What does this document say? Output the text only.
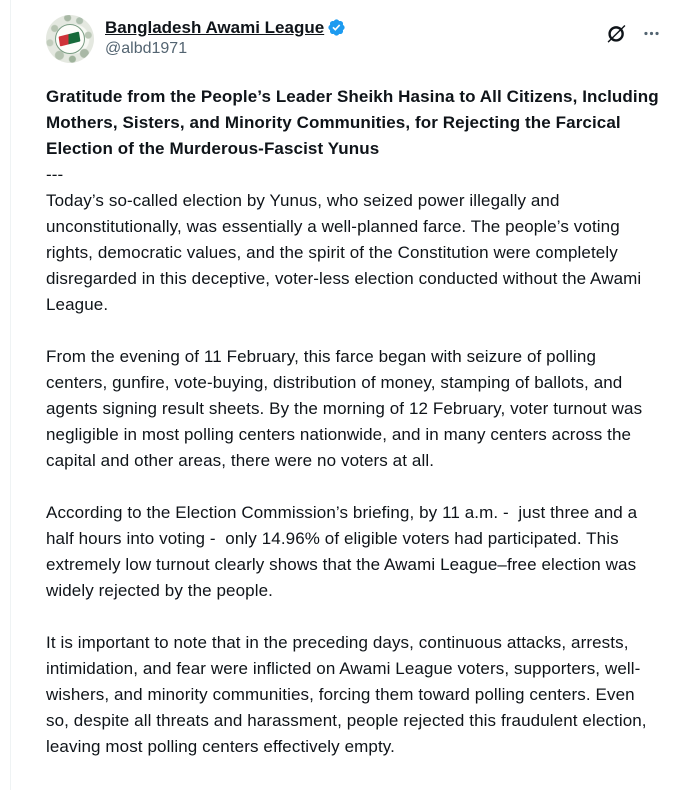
Bangladesh Awami League
@albd1971

Gratitude from the People’s Leader Sheikh Hasina to All Citizens, Including Mothers, Sisters, and Minority Communities, for Rejecting the Farcical Election of the Murderous-Fascist Yunus

---

Today’s so-called election by Yunus, who seized power illegally and unconstitutionally, was essentially a well-planned farce. The people’s voting rights, democratic values, and the spirit of the Constitution were completely disregarded in this deceptive, voter-less election conducted without the Awami League.

From the evening of 11 February, this farce began with seizure of polling centers, gunfire, vote-buying, distribution of money, stamping of ballots, and agents signing result sheets. By the morning of 12 February, voter turnout was negligible in most polling centers nationwide, and in many centers across the capital and other areas, there were no voters at all.

According to the Election Commission’s briefing, by 11 a.m. -  just three and a half hours into voting -  only 14.96% of eligible voters had participated. This extremely low turnout clearly shows that the Awami League–free election was widely rejected by the people.

It is important to note that in the preceding days, continuous attacks, arrests, intimidation, and fear were inflicted on Awami League voters, supporters, well-wishers, and minority communities, forcing them toward polling centers. Even so, despite all threats and harassment, people rejected this fraudulent election, leaving most polling centers effectively empty.
